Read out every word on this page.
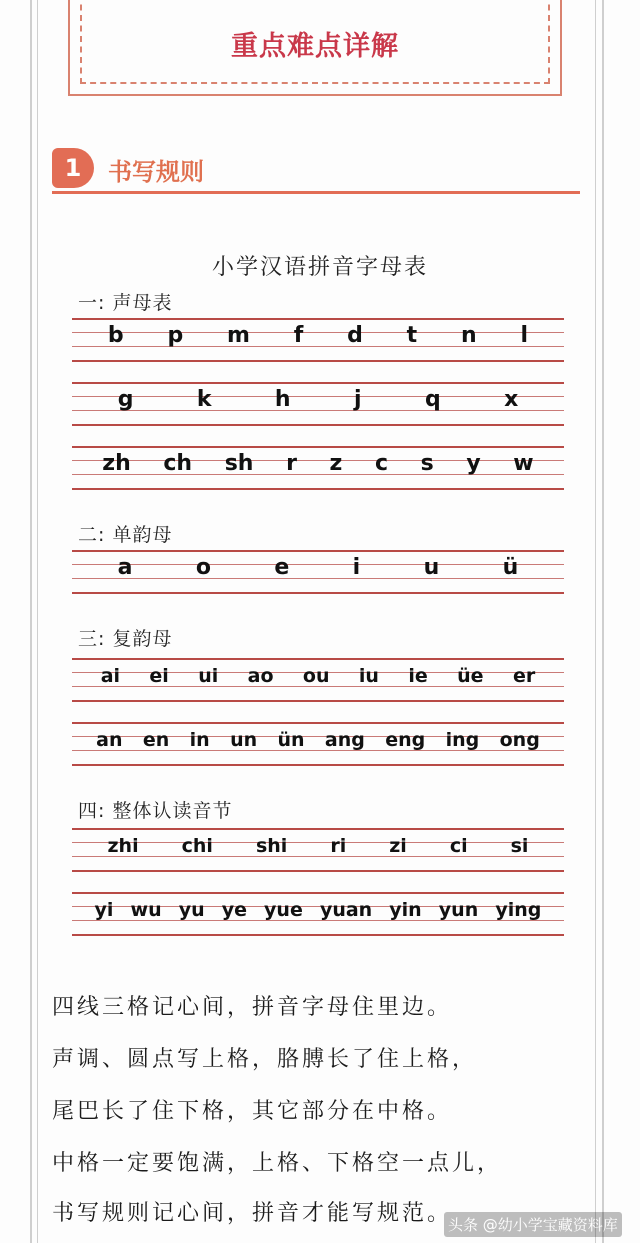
重点难点详解
1	书写规则
小学汉语拼音字母表
一: 声母表
b p m f d t n l
g	k	h	j	q	x
zh ch sh r z c s y w
二: 单韵母
a	o	e	i	u	ü
三: 复韵母
ai ei ui ao ou iu ie üe er
an en in un ün ang eng ing ong
四: 整体认读音节
zhi chi shi ri zi ci si
yi wu yu ye yue yuan yin yun ying
四线三格记心间，拼音字母住里边。
声调、圆点写上格，胳膊长了住上格，
尾巴长了住下格，其它部分在中格。
中格一定要饱满，上格、下格空一点儿，
书写规则记心间，拼音才能写规范。
头条 @幼小学宝藏资料库
